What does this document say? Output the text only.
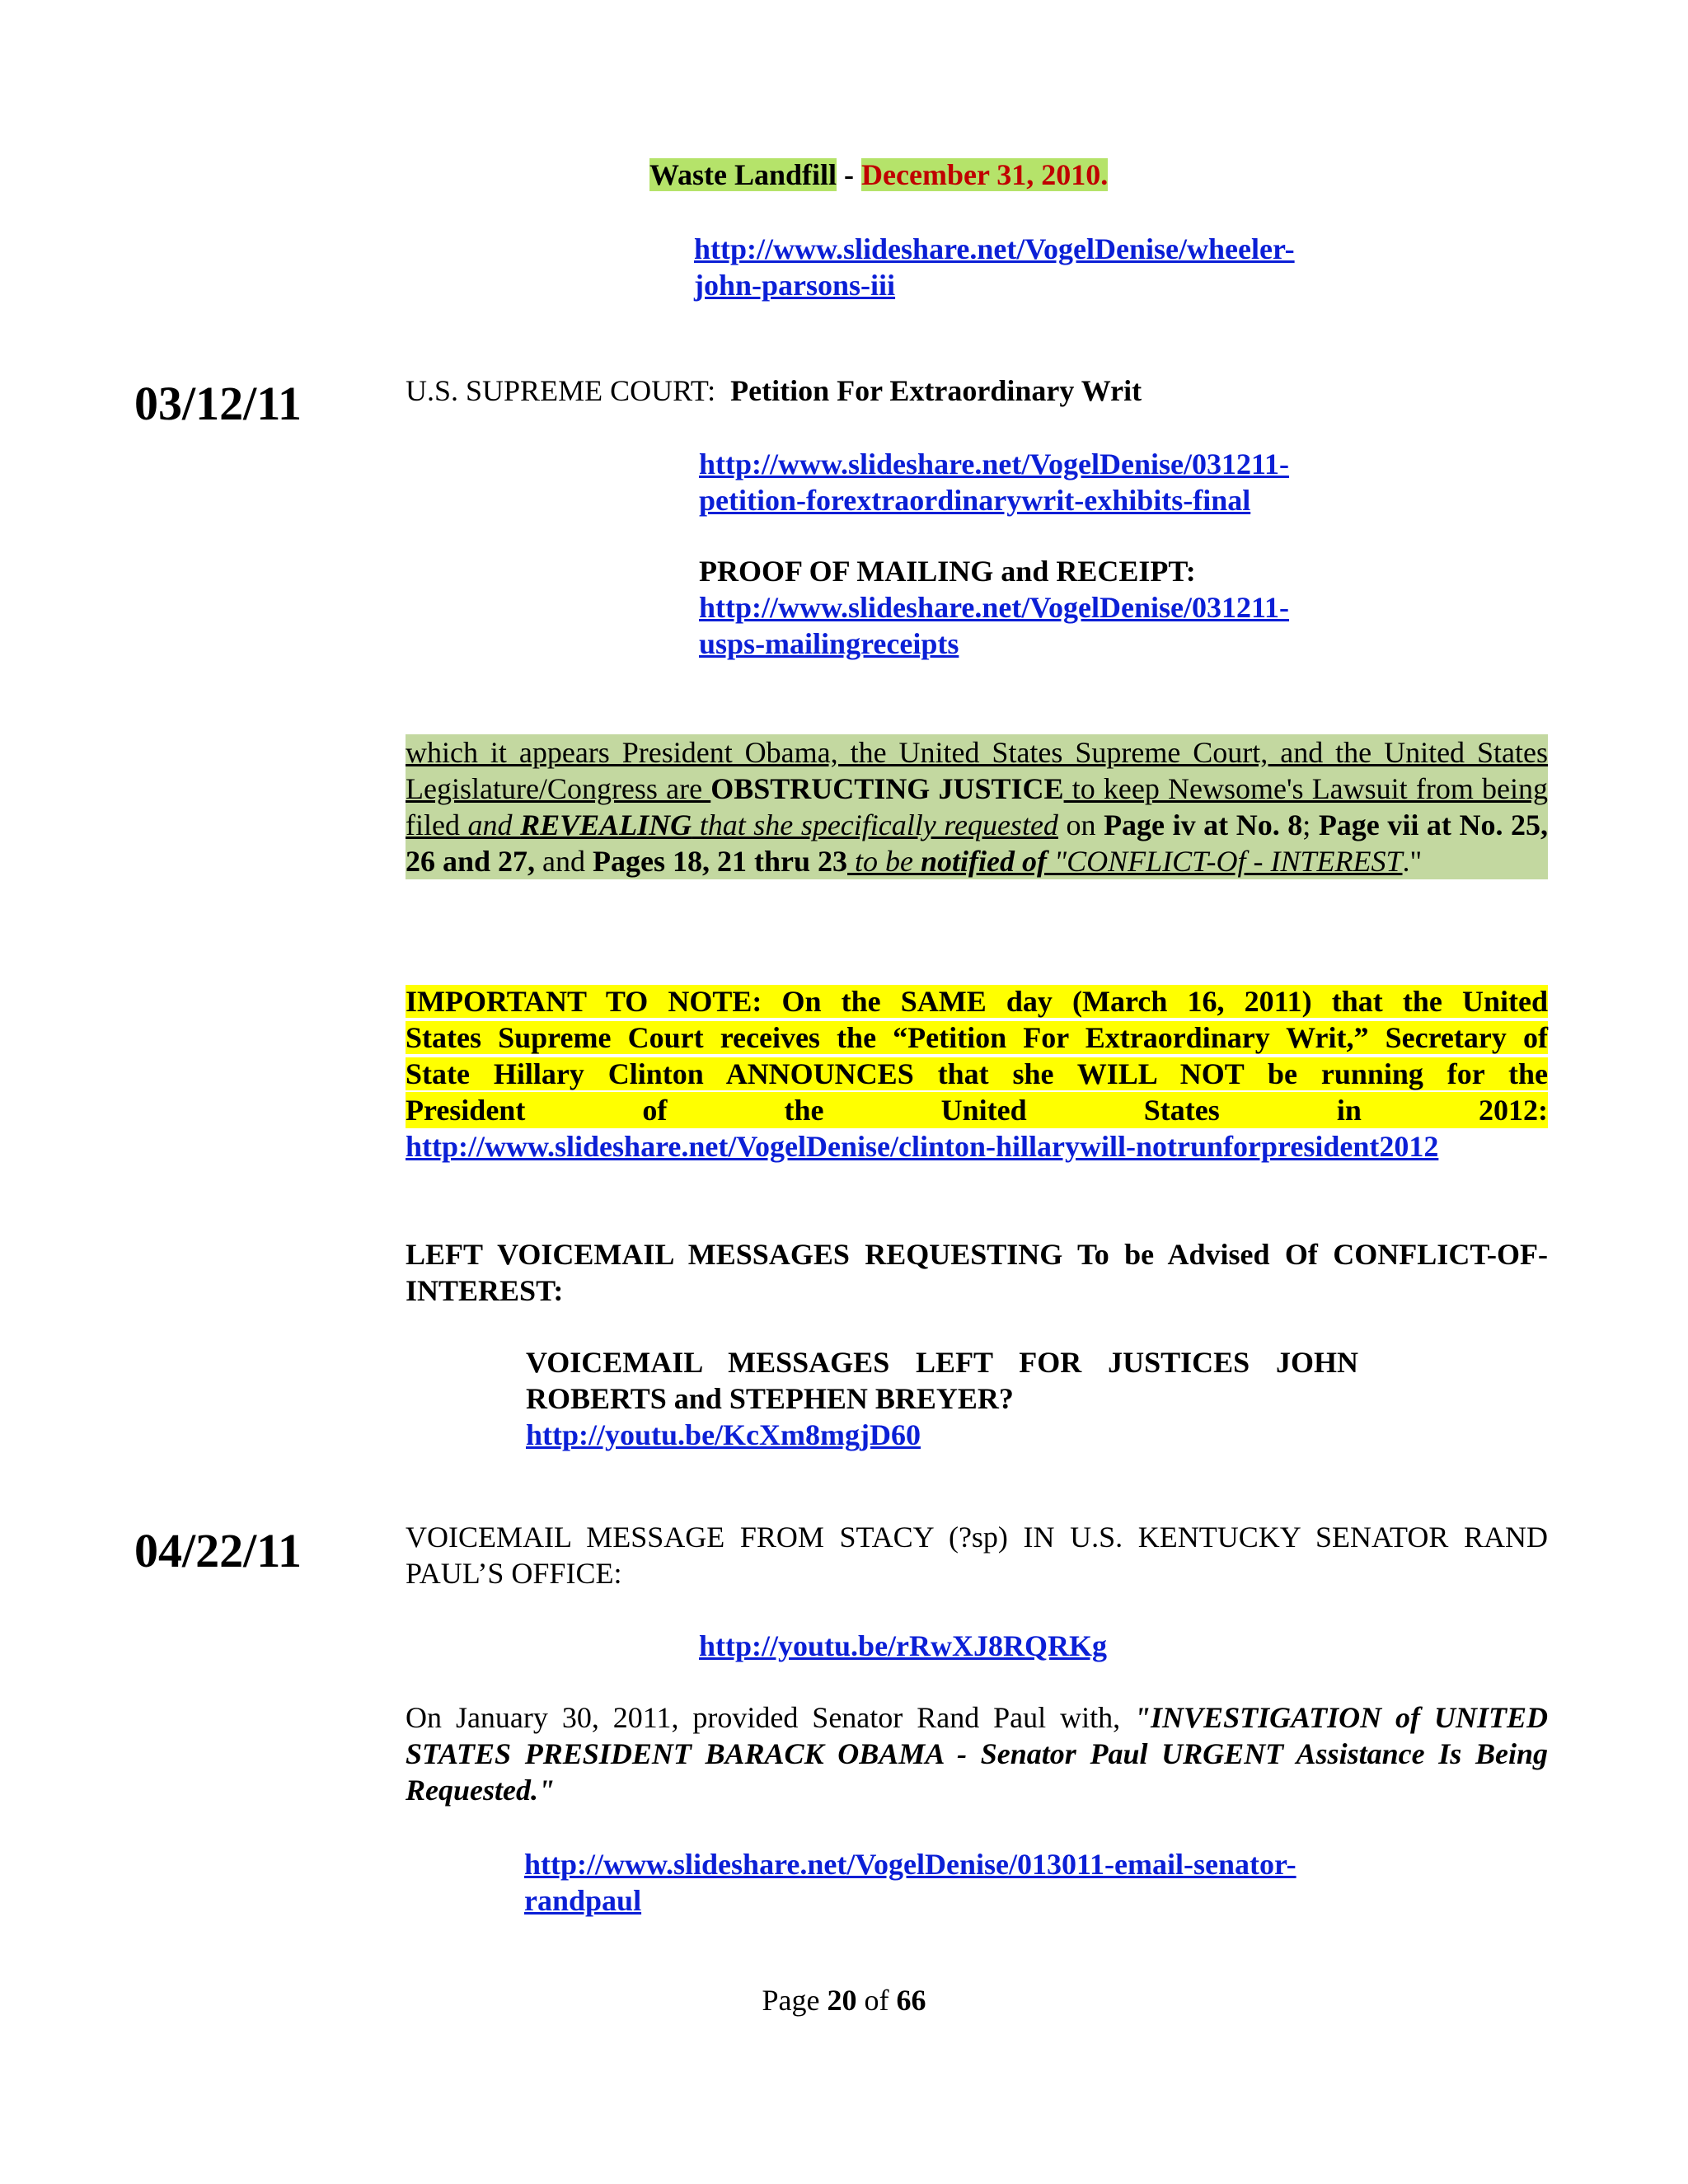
Waste Landfill - December 31, 2010.
http://www.slideshare.net/VogelDenise/wheeler-
john-parsons-iii
03/12/11	U.S. SUPREME COURT: Petition For Extraordinary Writ
http://www.slideshare.net/VogelDenise/031211-
petition-forextraordinarywrit-exhibits-final
PROOF OF MAILING and RECEIPT:
http://www.slideshare.net/VogelDenise/031211-
usps-mailingreceipts
which it appears President Obama, the United States Supreme Court, and the United States Legislature/Congress are OBSTRUCTING JUSTICE to keep Newsome's Lawsuit from being filed and REVEALING that she specifically requested on Page iv at No. 8; Page vii at No. 25, 26 and 27, and Pages 18, 21 thru 23 to be notified of "CONFLICT-Of - INTEREST."
IMPORTANT TO NOTE: On the SAME day (March 16, 2011) that the United
States Supreme Court receives the “Petition For Extraordinary Writ,” Secretary of
State Hillary Clinton ANNOUNCES that she WILL NOT be running for the
President of the United States in 2012:
http://www.slideshare.net/VogelDenise/clinton-hillarywill-notrunforpresident2012
LEFT VOICEMAIL MESSAGES REQUESTING To be Advised Of CONFLICT-OF-INTEREST:
VOICEMAIL MESSAGES LEFT FOR JUSTICES JOHN
ROBERTS and STEPHEN BREYER?
http://youtu.be/KcXm8mgjD60
04/22/11	VOICEMAIL MESSAGE FROM STACY (?sp) IN U.S. KENTUCKY SENATOR RAND PAUL’S OFFICE:
http://youtu.be/rRwXJ8RQRKg
On January 30, 2011, provided Senator Rand Paul with, "INVESTIGATION of UNITED STATES PRESIDENT BARACK OBAMA - Senator Paul URGENT Assistance Is Being Requested."
http://www.slideshare.net/VogelDenise/013011-email-senator-
randpaul
Page 20 of 66
